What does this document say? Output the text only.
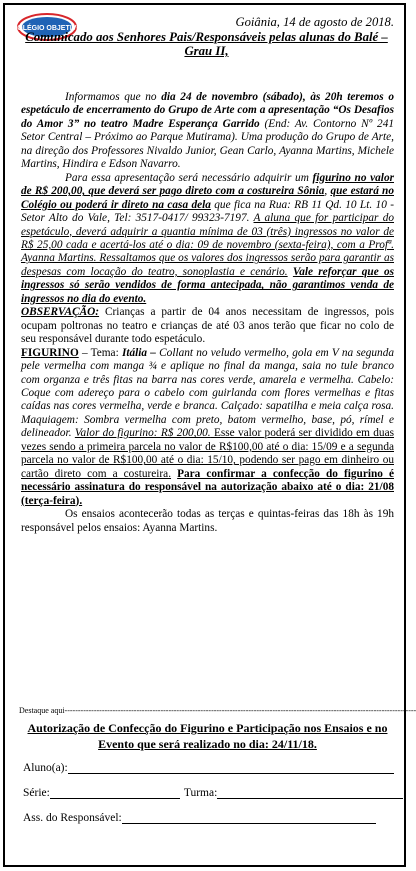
COLÉGIO OBJETIVO	Goiânia, 14 de agosto de 2018.
Comunicado aos Senhores Pais/Responsáveis pelas alunas do Balé – Grau II,

Informamos que no dia 24 de novembro (sábado), às 20h teremos o espetáculo de encerramento do Grupo de Arte com a apresentação “Os Desafios do Amor 3” no teatro Madre Esperança Garrido (End: Av. Contorno Nº 241 Setor Central – Próximo ao Parque Mutirama). Uma produção do Grupo de Arte, na direção dos Professores Nivaldo Junior, Gean Carlo, Ayanna Martins, Michele Martins, Hindira e Edson Navarro.

Para essa apresentação será necessário adquirir um figurino no valor de R$ 200,00, que deverá ser pago direto com a costureira Sônia, que estará no Colégio ou poderá ir direto na casa dela que fica na Rua: RB 11 Qd. 10 Lt. 10 - Setor Alto do Vale, Tel: 3517-0417/ 99323-7197. A aluna que for participar do espetáculo, deverá adquirir a quantia mínima de 03 (três) ingressos no valor de R$ 25,00 cada e acertá-los até o dia: 09 de novembro (sexta-feira), com a Profª. Ayanna Martins. Ressaltamos que os valores dos ingressos serão para garantir as despesas com locação do teatro, sonoplastia e cenário. Vale reforçar que os ingressos só serão vendidos de forma antecipada, não garantimos venda de ingressos no dia do evento.

OBSERVAÇÃO: Crianças a partir de 04 anos necessitam de ingressos, pois ocupam poltronas no teatro e crianças de até 03 anos terão que ficar no colo de seu responsável durante todo espetáculo.

FIGURINO – Tema: Itália – Collant no veludo vermelho, gola em V na segunda pele vermelha com manga ¾ e aplique no final da manga, saia no tule branco com organza e três fitas na barra nas cores verde, amarela e vermelha. Cabelo: Coque com adereço para o cabelo com guirlanda com flores vermelhas e fitas caídas nas cores vermelha, verde e branca. Calçado: sapatilha e meia calça rosa. Maquiagem: Sombra vermelha com preto, batom vermelho, base, pó, rímel e delineador. Valor do figurino: R$ 200,00. Esse valor poderá ser dividido em duas vezes sendo a primeira parcela no valor de R$100,00 até o dia: 15/09 e a segunda parcela no valor de R$100,00 até o dia: 15/10, podendo ser pago em dinheiro ou cartão direto com a costureira. Para confirmar a confecção do figurino é necessário assinatura do responsável na autorização abaixo até o dia: 21/08 (terça-feira).

Os ensaios acontecerão todas as terças e quintas-feiras das 18h às 19h responsável pelos ensaios: Ayanna Martins.

Destaque aqui------------------------------------------------------------------------------------------------------------------------------------
Autorização de Confecção do Figurino e Participação nos Ensaios e no Evento que será realizado no dia: 24/11/18.
Aluno(a):
Série:	Turma:
Ass. do Responsável:
